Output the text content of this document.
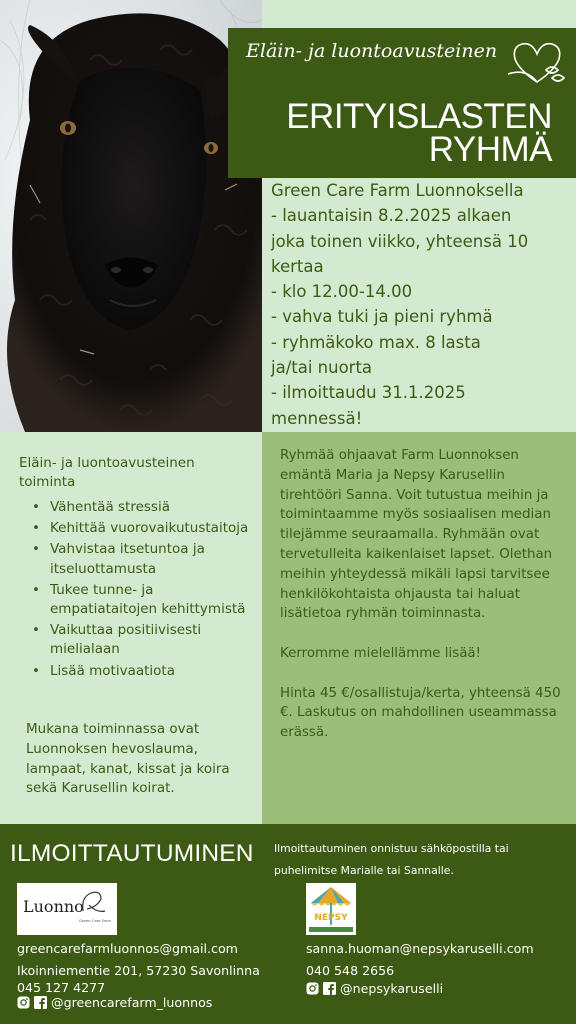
Eläin- ja luontoavusteinen
ERITYISLASTEN
RYHMÄ
Green Care Farm Luonnoksella
- lauantaisin 8.2.2025 alkaen
joka toinen viikko, yhteensä 10
kertaa
- klo 12.00-14.00
- vahva tuki ja pieni ryhmä
- ryhmäkoko max. 8 lasta
ja/tai nuorta
- ilmoittaudu 31.1.2025
mennessä!
Eläin- ja luontoavusteinen toiminta
• Vähentää stressiä
• Kehittää vuorovaikutustaitoja
• Vahvistaa itsetuntoa ja itseluottamusta
• Tukee tunne- ja empatiataitojen kehittymistä
• Vaikuttaa positiivisesti mielialaan
• Lisää motivaatiota
Mukana toiminnassa ovat Luonnoksen hevoslauma, lampaat, kanat, kissat ja koira sekä Karusellin koirat.

Ryhmää ohjaavat Farm Luonnoksen emäntä Maria ja Nepsy Karusellin tirehtööri Sanna. Voit tutustua meihin ja toimintaamme myös sosiaalisen median tilejämme seuraamalla. Ryhmään ovat tervetulleita kaikenlaiset lapset. Olethan meihin yhteydessä mikäli lapsi tarvitsee henkilökohtaista ohjausta tai haluat lisätietoa ryhmän toiminnasta.

Kerromme mielellämme lisää!

Hinta 45 €/osallistuja/kerta, yhteensä 450 €. Laskutus on mahdollinen useammassa erässä.

ILMOITTAUTUMINEN Ilmoittautuminen onnistuu sähköpostilla tai puhelimitse Marialle tai Sannalle.
Luonno
Green Care Farm	NEPSY
greencarefarmluonnos@gmail.com
Ikoinniementie 201, 57230 Savonlinna
045 127 4277
@greencarefarm_luonnos
sanna.huoman@nepsykaruselli.com
040 548 2656
@nepsykaruselli
